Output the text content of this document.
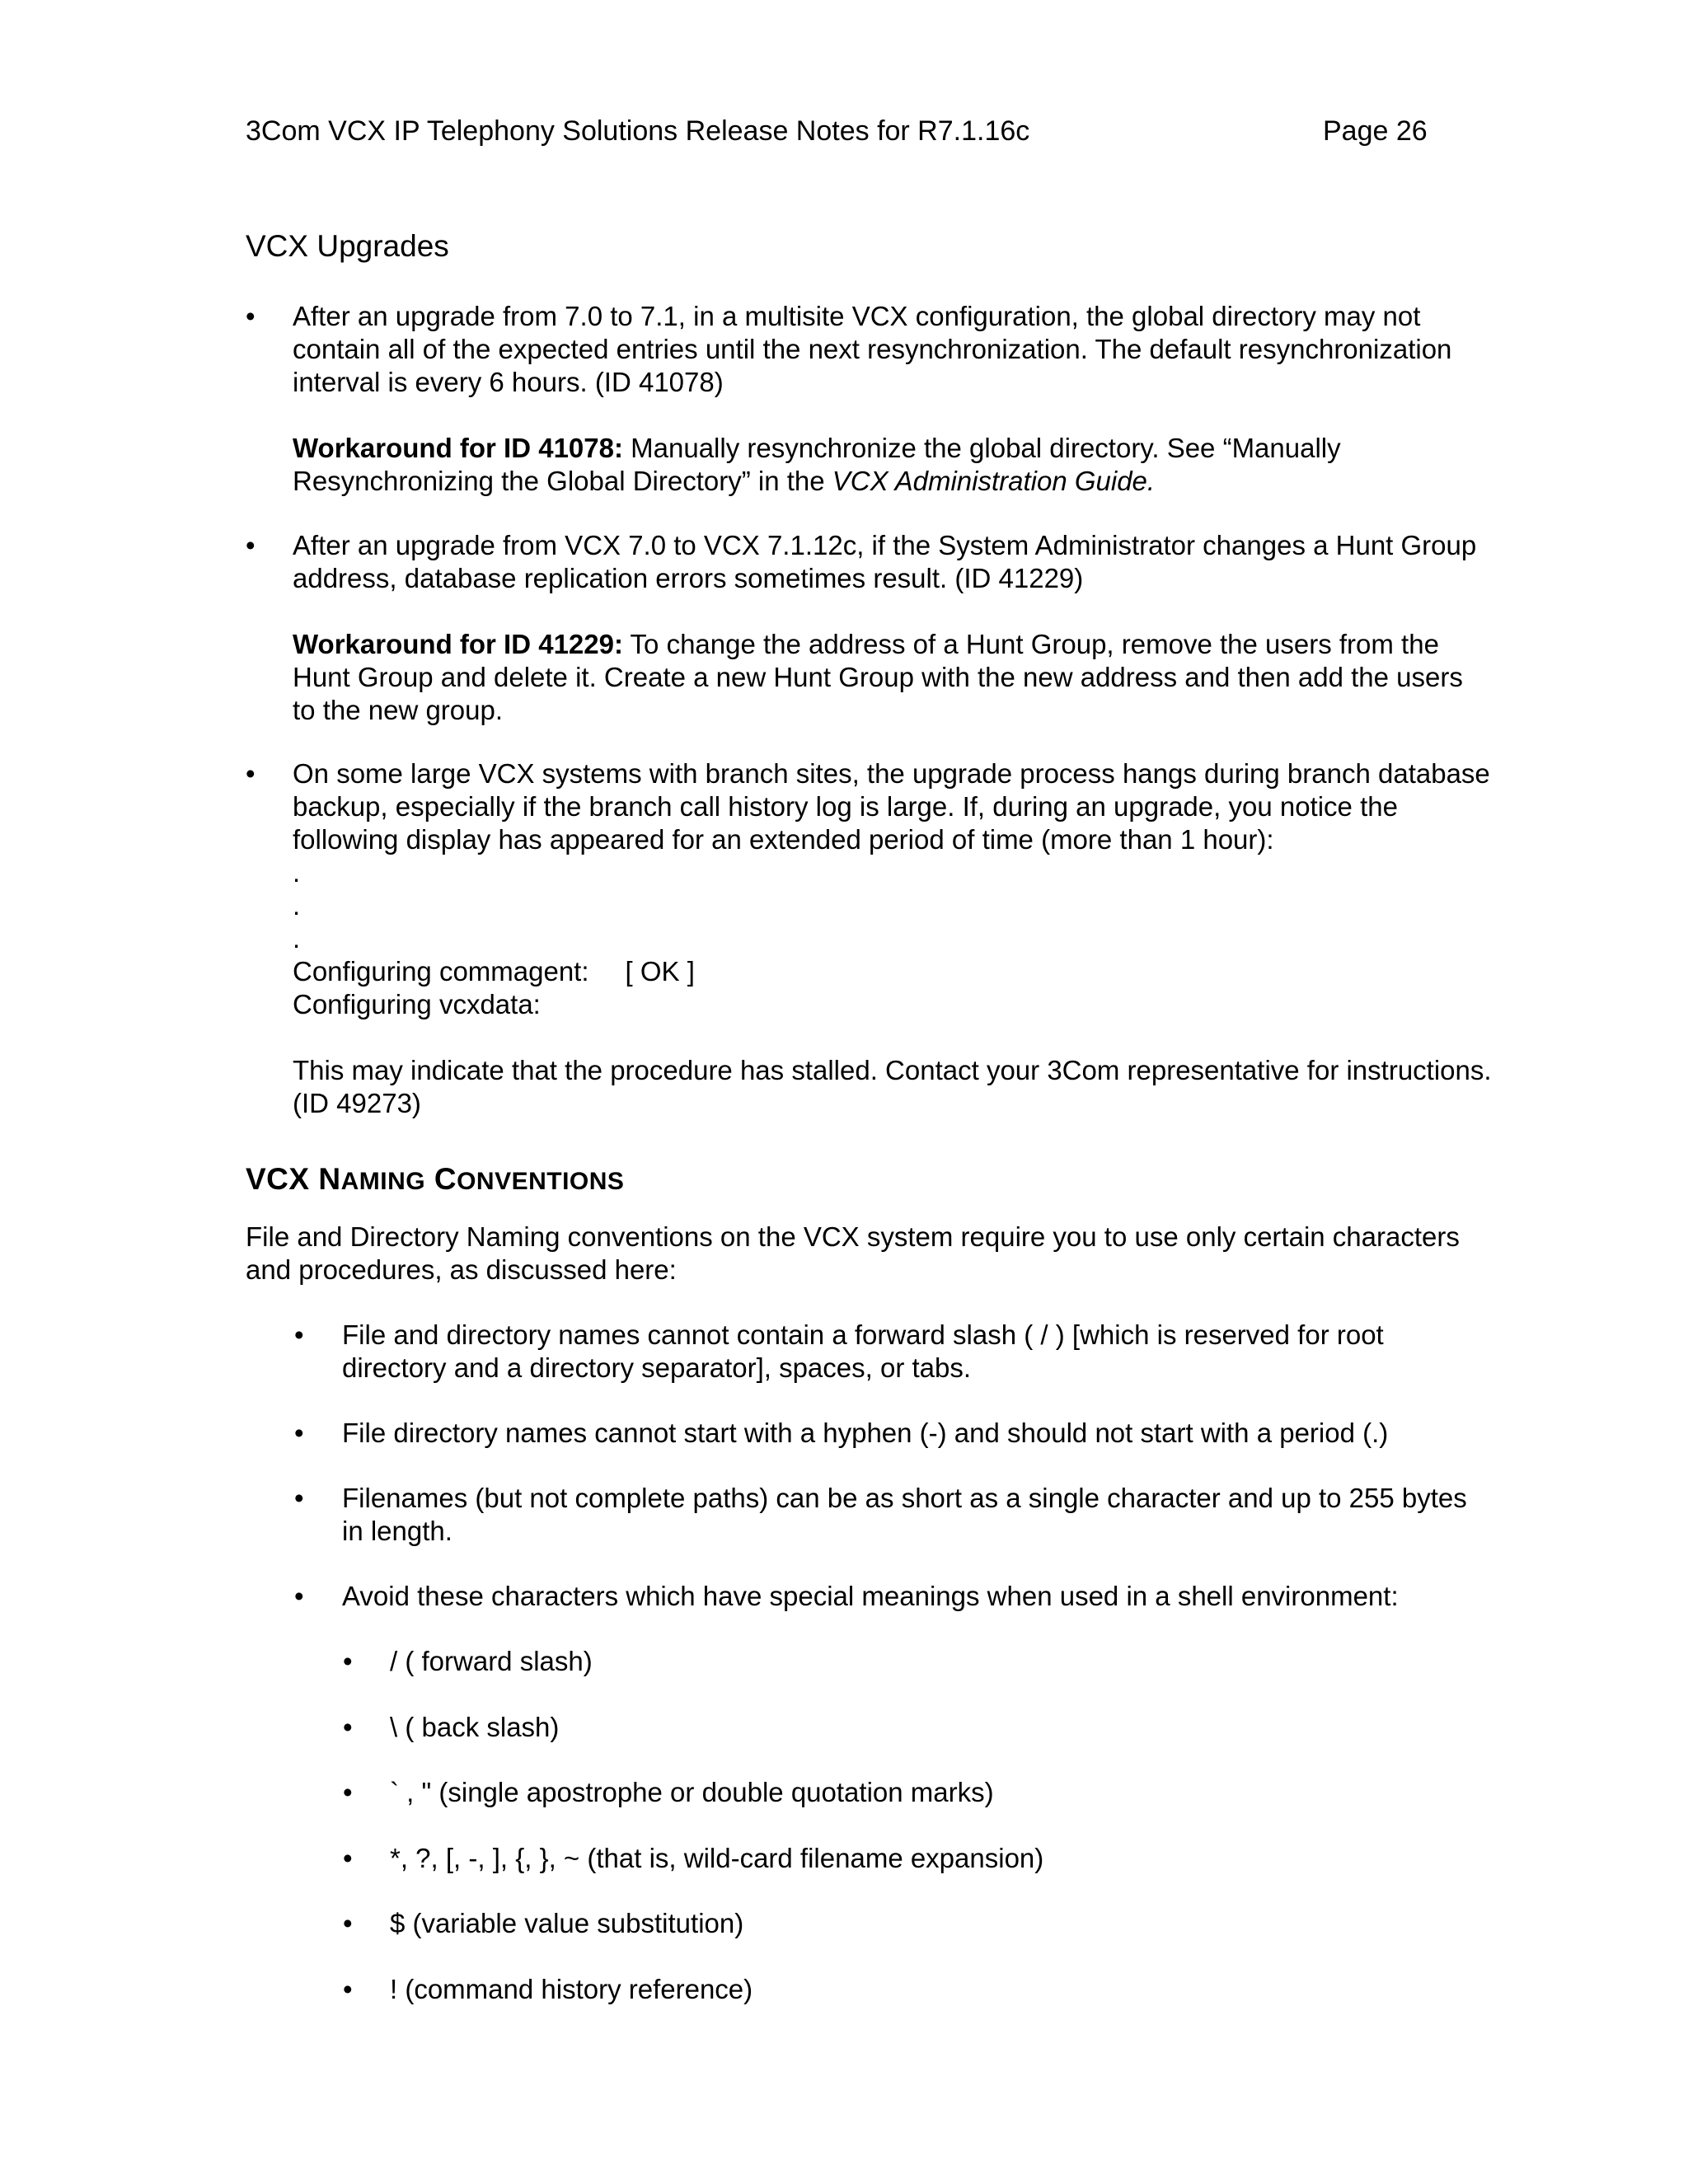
3Com VCX IP Telephony Solutions Release Notes for R7.1.16c	Page 26
VCX Upgrades
• After an upgrade from 7.0 to 7.1, in a multisite VCX configuration, the global directory may not

contain all of the expected entries until the next resynchronization. The default resynchronization

interval is every 6 hours. (ID 41078)

Workaround for ID 41078: Manually resynchronize the global directory. See “Manually

Resynchronizing the Global Directory” in the VCX Administration Guide.

• After an upgrade from VCX 7.0 to VCX 7.1.12c, if the System Administrator changes a Hunt Group

address, database replication errors sometimes result. (ID 41229)

Workaround for ID 41229: To change the address of a Hunt Group, remove the users from the

Hunt Group and delete it. Create a new Hunt Group with the new address and then add the users

to the new group.

• On some large VCX systems with branch sites, the upgrade process hangs during branch database

backup, especially if the branch call history log is large. If, during an upgrade, you notice the

following display has appeared for an extended period of time (more than 1 hour):

.

.

.

Configuring commagent: [ OK ]

Configuring vcxdata:

This may indicate that the procedure has stalled. Contact your 3Com representative for instructions.

(ID 49273)

VCX NAMING CONVENTIONS

File and Directory Naming conventions on the VCX system require you to use only certain characters

and procedures, as discussed here:

• File and directory names cannot contain a forward slash ( / ) [which is reserved for root

directory and a directory separator], spaces, or tabs.

• File directory names cannot start with a hyphen (-) and should not start with a period (.)

• Filenames (but not complete paths) can be as short as a single character and up to 255 bytes

in length.

• Avoid these characters which have special meanings when used in a shell environment:

• / ( forward slash)
• \ ( back slash)
• ` , " (single apostrophe or double quotation marks)
• *, ?, [, -, ], {, }, ~ (that is, wild-card filename expansion)
• $ (variable value substitution)
• ! (command history reference)
